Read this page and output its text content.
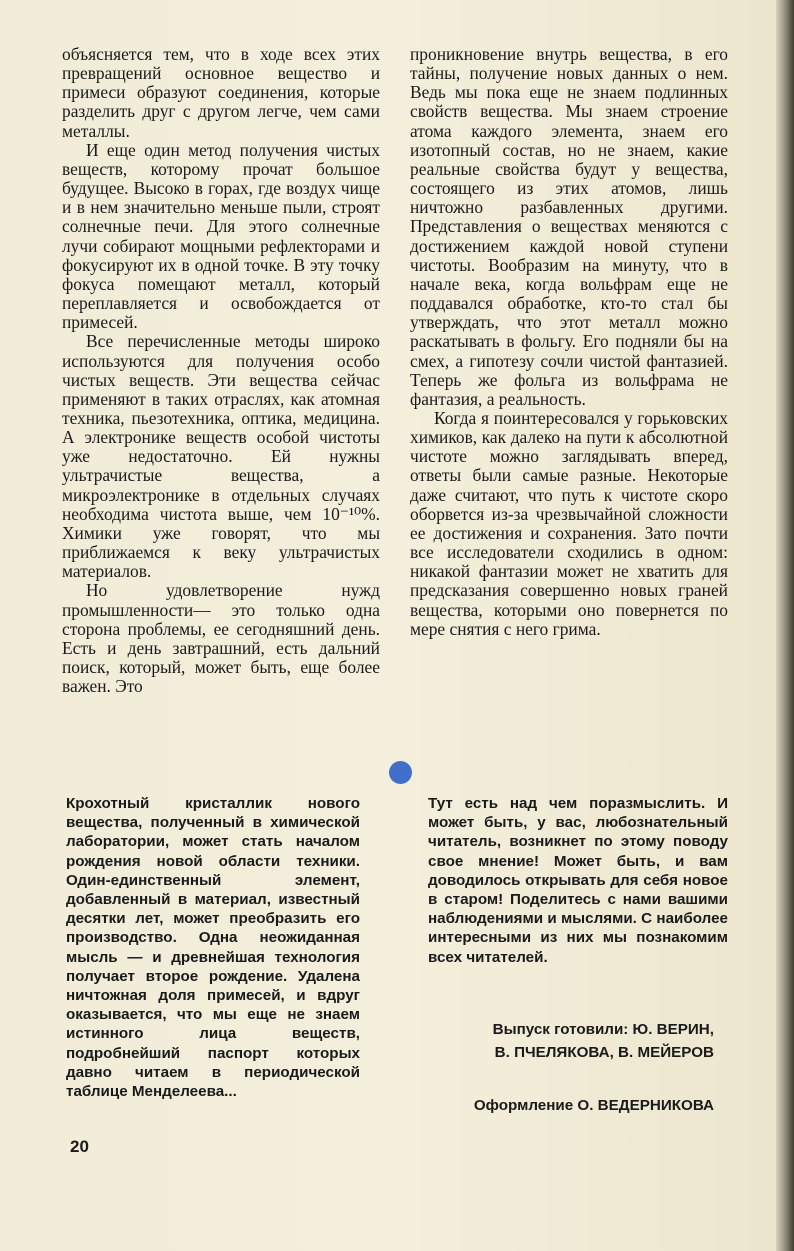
объясняется тем, что в ходе всех этих превращений основное вещество и примеси образуют соединения, которые разделить друг с другом легче, чем сами металлы.

И еще один метод получения чистых веществ, которому прочат большое будущее. Высоко в горах, где воздух чище и в нем значительно меньше пыли, строят солнечные печи. Для этого солнечные лучи собирают мощными рефлекторами и фокусируют их в одной точке. В эту точку фокуса помещают металл, который переплавляется и освобождается от примесей.

Все перечисленные методы широко используются для получения особо чистых веществ. Эти вещества сейчас применяют в таких отраслях, как атомная техника, пьезотехника, оптика, медицина. А электронике веществ особой чистоты уже недостаточно. Ей нужны ультрачистые вещества, а микроэлектронике в отдельных случаях необходима чистота выше, чем 10⁻¹⁰%. Химики уже говорят, что мы приближаемся к веку ультрачистых материалов.

Но удовлетворение нужд промышленности— это только одна сторона проблемы, ее сегодняшний день. Есть и день завтрашний, есть дальний поиск, который, может быть, еще более важен. Это

проникновение внутрь вещества, в его тайны, получение новых данных о нем. Ведь мы пока еще не знаем подлинных свойств вещества. Мы знаем строение атома каждого элемента, знаем его изотопный состав, но не знаем, какие реальные свойства будут у вещества, состоящего из этих атомов, лишь ничтожно разбавленных другими. Представления о веществах меняются с достижением каждой новой ступени чистоты. Вообразим на минуту, что в начале века, когда вольфрам еще не поддавался обработке, кто-то стал бы утверждать, что этот металл можно раскатывать в фольгу. Его подняли бы на смех, а гипотезу сочли чистой фантазией. Теперь же фольга из вольфрама не фантазия, а реальность.

Когда я поинтересовался у горьковских химиков, как далеко на пути к абсолютной чистоте можно заглядывать вперед, ответы были самые разные. Некоторые даже считают, что путь к чистоте скоро оборвется из-за чрезвычайной сложности ее достижения и сохранения. Зато почти все исследователи сходились в одном: никакой фантазии может не хватить для предсказания совершенно новых граней вещества, которыми оно повернется по мере снятия с него грима.

Крохотный кристаллик нового вещества, полученный в химической лаборатории, может стать началом рождения новой области техники. Один-единственный элемент, добавленный в материал, известный десятки лет, может преобразить его производство. Одна неожиданная мысль — и древнейшая технология получает второе рождение. Удалена ничтожная доля примесей, и вдруг оказывается, что мы еще не знаем истинного лица веществ, подробнейший паспорт которых давно читаем в периодической таблице Менделеева...

Тут есть над чем поразмыслить. И может быть, у вас, любознательный читатель, возникнет по этому поводу свое мнение! Может быть, и вам доводилось открывать для себя новое в старом! Поделитесь с нами вашими наблюдениями и мыслями. С наиболее интересными из них мы познакомим всех читателей.

Выпуск готовили: Ю. ВЕРИН,
В. ПЧЕЛЯКОВА, В. МЕЙЕРОВ
Оформление О. ВЕДЕРНИКОВА
20
